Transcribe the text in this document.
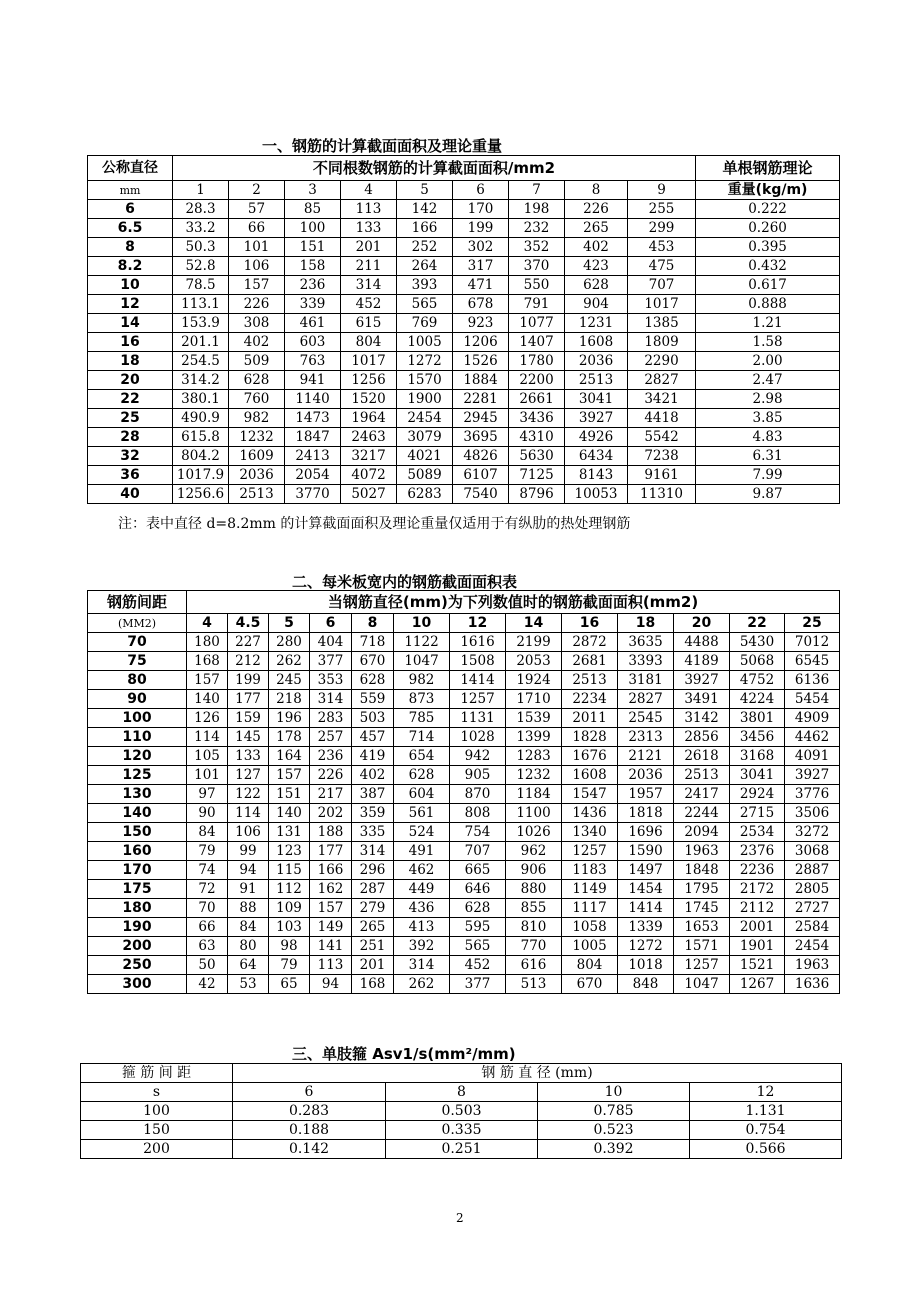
一、钢筋的计算截面面积及理论重量
公称直径	不同根数钢筋的计算截面面积/mm2									单根钢筋理论
mm	1	2	3	4	5	6	7	8	9	重量(kg/m)
6	28.3	57	85	113	142	170	198	226	255	0.222
6.5	33.2	66	100	133	166	199	232	265	299	0.260
8	50.3	101	151	201	252	302	352	402	453	0.395
8.2	52.8	106	158	211	264	317	370	423	475	0.432
10	78.5	157	236	314	393	471	550	628	707	0.617
12	113.1	226	339	452	565	678	791	904	1017	0.888
14	153.9	308	461	615	769	923	1077	1231	1385	1.21
16	201.1	402	603	804	1005	1206	1407	1608	1809	1.58
18	254.5	509	763	1017	1272	1526	1780	2036	2290	2.00
20	314.2	628	941	1256	1570	1884	2200	2513	2827	2.47
22	380.1	760	1140	1520	1900	2281	2661	3041	3421	2.98
25	490.9	982	1473	1964	2454	2945	3436	3927	4418	3.85
28	615.8	1232	1847	2463	3079	3695	4310	4926	5542	4.83
32	804.2	1609	2413	3217	4021	4826	5630	6434	7238	6.31
36	1017.9	2036	2054	4072	5089	6107	7125	8143	9161	7.99
40	1256.6	2513	3770	5027	6283	7540	8796	10053	11310	9.87
注：表中直径 d=8.2mm 的计算截面面积及理论重量仅适用于有纵肋的热处理钢筋
二、每米板宽内的钢筋截面面积表
钢筋间距	当钢筋直径(mm)为下列数值时的钢筋截面面积(mm2)												
(MM2)	4	4.5	5	6	8	10	12	14	16	18	20	22	25
70	180	227	280	404	718	1122	1616	2199	2872	3635	4488	5430	7012
75	168	212	262	377	670	1047	1508	2053	2681	3393	4189	5068	6545
80	157	199	245	353	628	982	1414	1924	2513	3181	3927	4752	6136
90	140	177	218	314	559	873	1257	1710	2234	2827	3491	4224	5454
100	126	159	196	283	503	785	1131	1539	2011	2545	3142	3801	4909
110	114	145	178	257	457	714	1028	1399	1828	2313	2856	3456	4462
120	105	133	164	236	419	654	942	1283	1676	2121	2618	3168	4091
125	101	127	157	226	402	628	905	1232	1608	2036	2513	3041	3927
130	97	122	151	217	387	604	870	1184	1547	1957	2417	2924	3776
140	90	114	140	202	359	561	808	1100	1436	1818	2244	2715	3506
150	84	106	131	188	335	524	754	1026	1340	1696	2094	2534	3272
160	79	99	123	177	314	491	707	962	1257	1590	1963	2376	3068
170	74	94	115	166	296	462	665	906	1183	1497	1848	2236	2887
175	72	91	112	162	287	449	646	880	1149	1454	1795	2172	2805
180	70	88	109	157	279	436	628	855	1117	1414	1745	2112	2727
190	66	84	103	149	265	413	595	810	1058	1339	1653	2001	2584
200	63	80	98	141	251	392	565	770	1005	1272	1571	1901	2454
250	50	64	79	113	201	314	452	616	804	1018	1257	1521	1963
300	42	53	65	94	168	262	377	513	670	848	1047	1267	1636
三、单肢箍 Asv1/s(mm²/mm)
箍 筋 间 距	钢 筋 直 径 (mm)			
s	6	8	10	12
100	0.283	0.503	0.785	1.131
150	0.188	0.335	0.523	0.754
200	0.142	0.251	0.392	0.566
2
